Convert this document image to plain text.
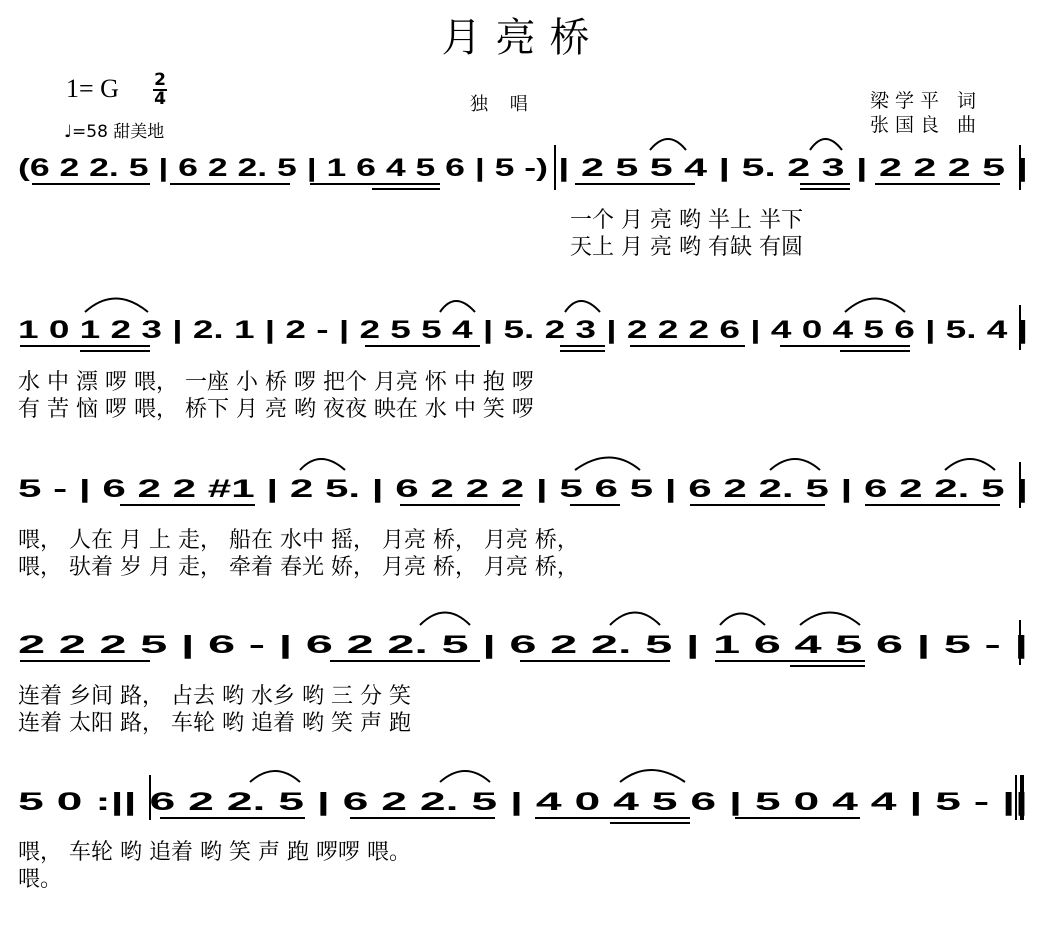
月亮桥
1= G 2
4
♩=58 甜美地
独 唱	梁学平 词
张国良 曲
(6 2 2. 5 | 6 2 2. 5 | 1 6 4 5 6 | 5 -) | 2 5 5 4 | 5. 2 3 | 2 2 2 5 |
1 0 1 2 3 | 2. 1 | 2 - | 2 5 5 4 | 5. 2 3 | 2 2 2 6 | 4 0 4 5 6 | 5. 4 |
5 - | 6 2 2 #1 | 2 5. | 6 2 2 2 | 5 6 5 | 6 2 2. 5 | 6 2 2. 5 |
2 2 2 5 | 6 - | 6 2 2. 5 | 6 2 2. 5 | 1 6 4 5 6 | 5 - |
5 0 :|| 6 2 2. 5 | 6 2 2. 5 | 4 0 4 5 6 | 5 0 4 4 | 5 - ||
一个 月 亮 哟 半上 半下
天上 月 亮 哟 有缺 有圆
水 中 漂 啰 喂， 一座 小 桥 啰 把个 月亮 怀 中 抱 啰
有 苦 恼 啰 喂， 桥下 月 亮 哟 夜夜 映在 水 中 笑 啰
喂， 人在 月 上 走， 船在 水中 摇， 月亮 桥， 月亮 桥，
喂， 驮着 岁 月 走， 牵着 春光 娇， 月亮 桥， 月亮 桥，
连着 乡间 路， 占去 哟 水乡 哟 三 分 笑
连着 太阳 路， 车轮 哟 追着 哟 笑 声 跑
喂， 车轮 哟 追着 哟 笑 声 跑 啰啰 喂。
喂。
